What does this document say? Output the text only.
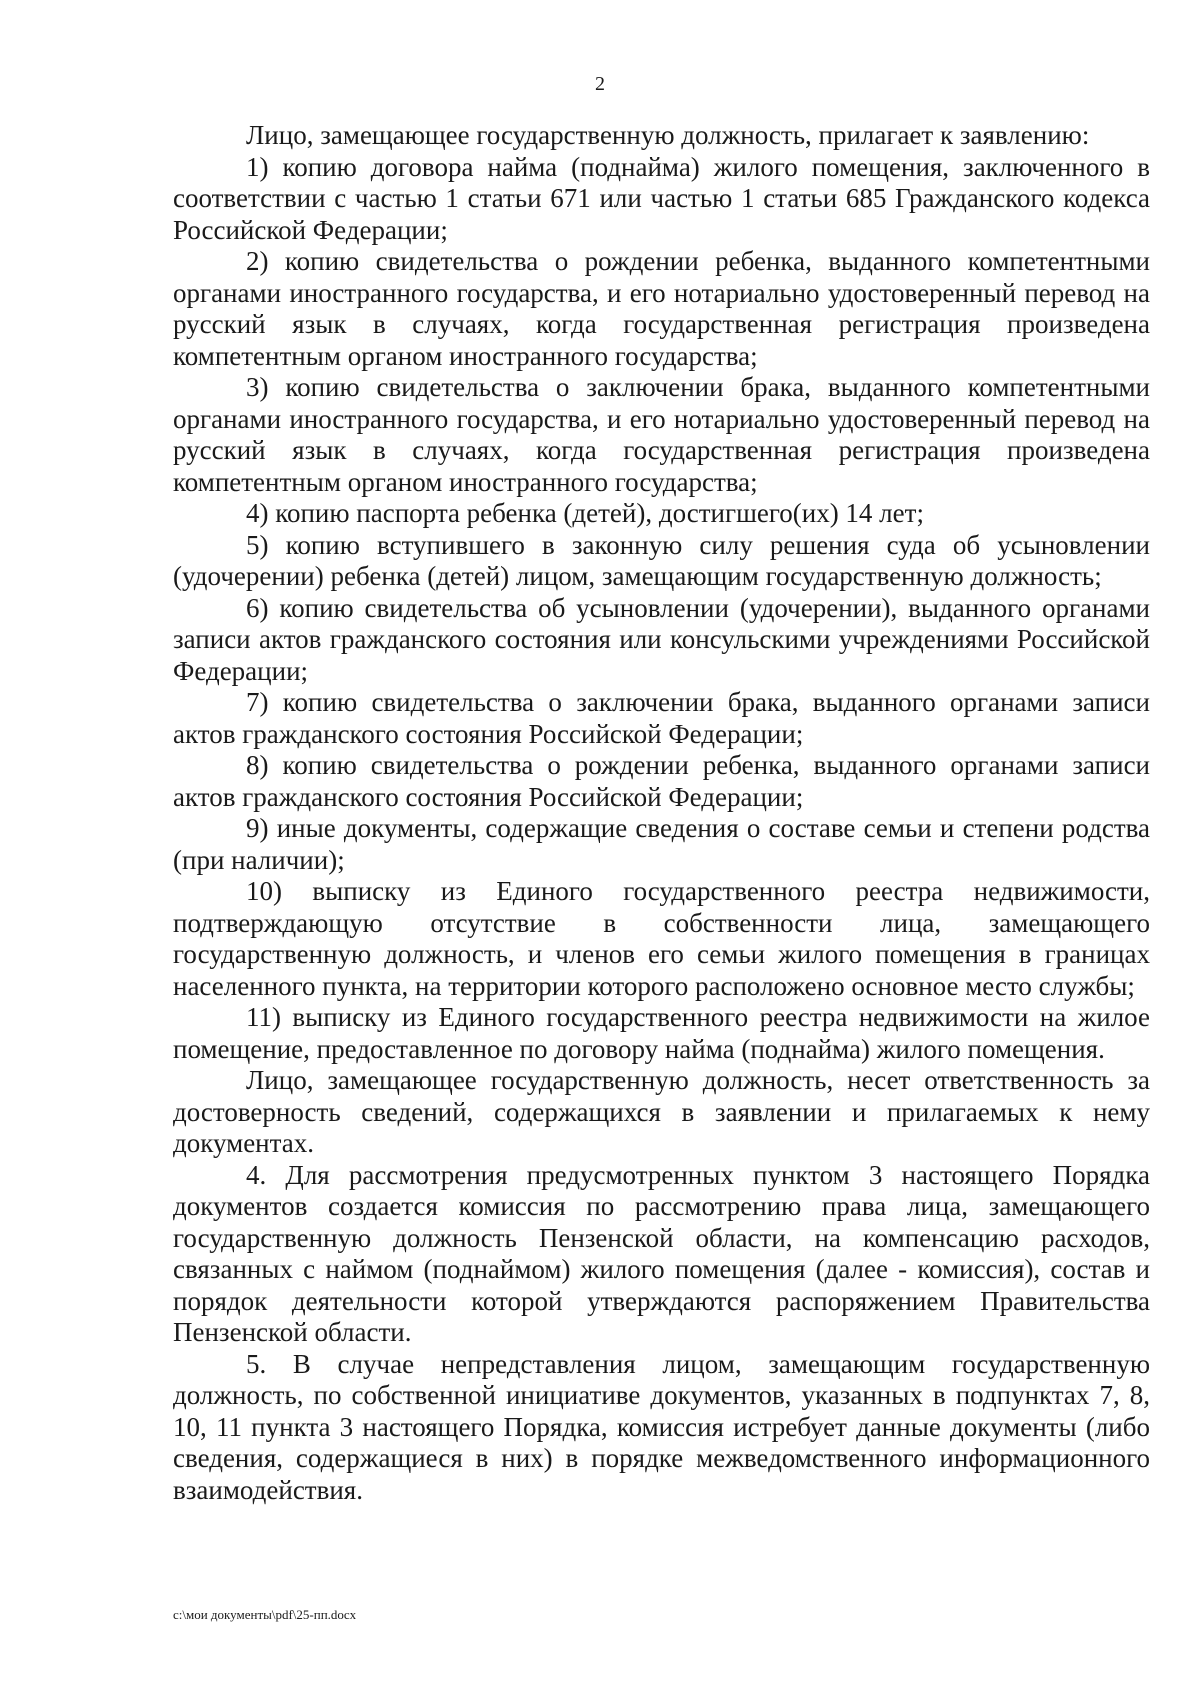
2

Лицо, замещающее государственную должность, прилагает к заявлению:

1) копию договора найма (поднайма) жилого помещения, заключенного в соответствии с частью 1 статьи 671 или частью 1 статьи 685 Гражданского кодекса Российской Федерации;

2) копию свидетельства о рождении ребенка, выданного компетентными органами иностранного государства, и его нотариально удостоверенный перевод на русский язык в случаях, когда государственная регистрация произведена компетентным органом иностранного государства;

3) копию свидетельства о заключении брака, выданного компетентными органами иностранного государства, и его нотариально удостоверенный перевод на русский язык в случаях, когда государственная регистрация произведена компетентным органом иностранного государства;

4) копию паспорта ребенка (детей), достигшего(их) 14 лет;

5) копию вступившего в законную силу решения суда об усыновлении (удочерении) ребенка (детей) лицом, замещающим государственную должность;

6) копию свидетельства об усыновлении (удочерении), выданного органами записи актов гражданского состояния или консульскими учреждениями Российской Федерации;

7) копию свидетельства о заключении брака, выданного органами записи актов гражданского состояния Российской Федерации;

8) копию свидетельства о рождении ребенка, выданного органами записи актов гражданского состояния Российской Федерации;

9) иные документы, содержащие сведения о составе семьи и степени родства (при наличии);

10) выписку из Единого государственного реестра недвижимости, подтверждающую отсутствие в собственности лица, замещающего государственную должность, и членов его семьи жилого помещения в границах населенного пункта, на территории которого расположено основное место службы;

11) выписку из Единого государственного реестра недвижимости на жилое помещение, предоставленное по договору найма (поднайма) жилого помещения.

Лицо, замещающее государственную должность, несет ответственность за достоверность сведений, содержащихся в заявлении и прилагаемых к нему документах.

4. Для рассмотрения предусмотренных пунктом 3 настоящего Порядка документов создается комиссия по рассмотрению права лица, замещающего государственную должность Пензенской области, на компенсацию расходов, связанных с наймом (поднаймом) жилого помещения (далее - комиссия), состав и порядок деятельности которой утверждаются распоряжением Правительства Пензенской области.

5. В случае непредставления лицом, замещающим государственную должность, по собственной инициативе документов, указанных в подпунктах 7, 8, 10, 11 пункта 3 настоящего Порядка, комиссия истребует данные документы (либо сведения, содержащиеся в них) в порядке межведомственного информационного взаимодействия.

c:\мои документы\pdf\25-пп.docx
